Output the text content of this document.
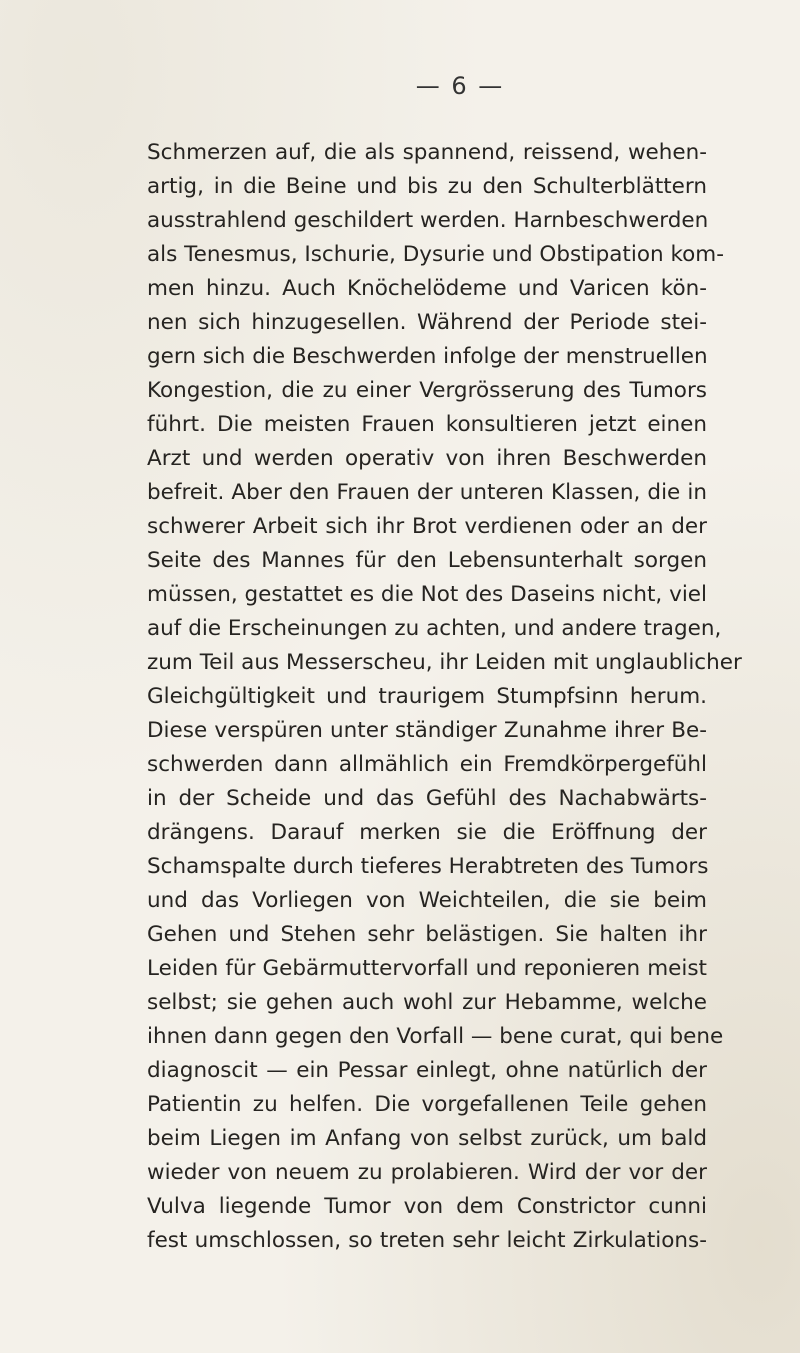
— 6 —
Schmerzen auf, die als spannend, reissend, wehen-
artig, in die Beine und bis zu den Schulterblättern
ausstrahlend geschildert werden. Harnbeschwerden
als Tenesmus, Ischurie, Dysurie und Obstipation kom-
men hinzu. Auch Knöchelödeme und Varicen kön-
nen sich hinzugesellen. Während der Periode stei-
gern sich die Beschwerden infolge der menstruellen
Kongestion, die zu einer Vergrösserung des Tumors
führt. Die meisten Frauen konsultieren jetzt einen
Arzt und werden operativ von ihren Beschwerden
befreit. Aber den Frauen der unteren Klassen, die in
schwerer Arbeit sich ihr Brot verdienen oder an der
Seite des Mannes für den Lebensunterhalt sorgen
müssen, gestattet es die Not des Daseins nicht, viel
auf die Erscheinungen zu achten, und andere tragen,
zum Teil aus Messerscheu, ihr Leiden mit unglaublicher
Gleichgültigkeit und traurigem Stumpfsinn herum.
Diese verspüren unter ständiger Zunahme ihrer Be-
schwerden dann allmählich ein Fremdkörpergefühl
in der Scheide und das Gefühl des Nachabwärts-
drängens. Darauf merken sie die Eröffnung der
Schamspalte durch tieferes Herabtreten des Tumors
und das Vorliegen von Weichteilen, die sie beim
Gehen und Stehen sehr belästigen. Sie halten ihr
Leiden für Gebärmuttervorfall und reponieren meist
selbst; sie gehen auch wohl zur Hebamme, welche
ihnen dann gegen den Vorfall — bene curat, qui bene
diagnoscit — ein Pessar einlegt, ohne natürlich der
Patientin zu helfen. Die vorgefallenen Teile gehen
beim Liegen im Anfang von selbst zurück, um bald
wieder von neuem zu prolabieren. Wird der vor der
Vulva liegende Tumor von dem Constrictor cunni
fest umschlossen, so treten sehr leicht Zirkulations-
